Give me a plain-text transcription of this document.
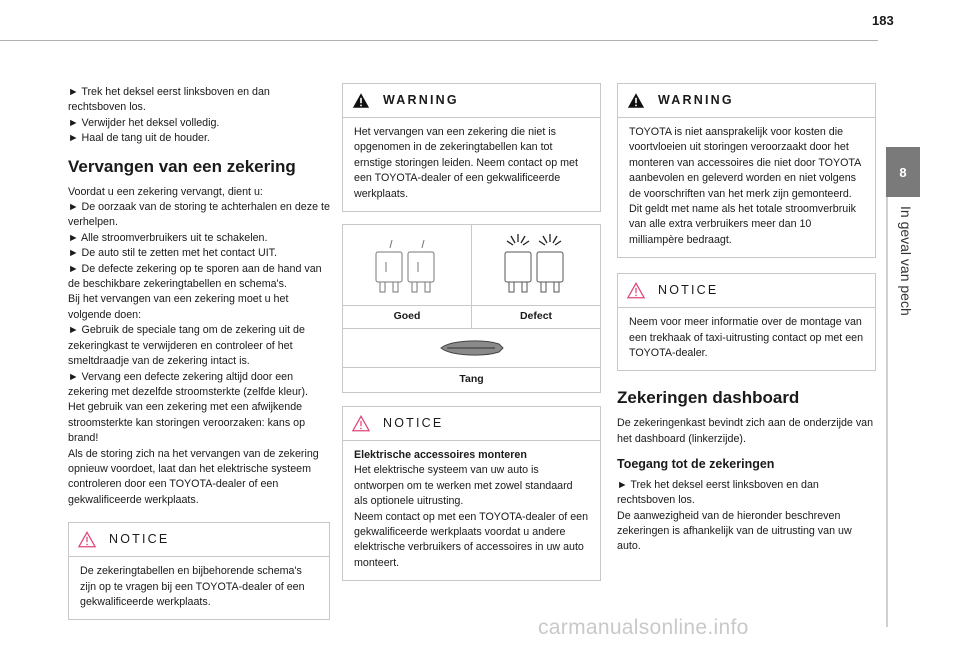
183
8
In geval van pech

► Trek het deksel eerst linksboven en dan rechtsboven los.

► Verwijder het deksel volledig.

► Haal de tang uit de houder.

Vervangen van een zekering

Voordat u een zekering vervangt, dient u:

► De oorzaak van de storing te achterhalen en deze te verhelpen.

► Alle stroomverbruikers uit te schakelen.

► De auto stil te zetten met het contact UIT.

► De defecte zekering op te sporen aan de hand van de beschikbare zekeringtabellen en schema's.

Bij het vervangen van een zekering moet u het volgende doen:

► Gebruik de speciale tang om de zekering uit de zekeringkast te verwijderen en controleer of het smeltdraadje van de zekering intact is.

► Vervang een defecte zekering altijd door een zekering met dezelfde stroomsterkte (zelfde kleur).

Het gebruik van een zekering met een afwijkende stroomsterkte kan storingen veroorzaken: kans op brand!

Als de storing zich na het vervangen van de zekering opnieuw voordoet, laat dan het elektrische systeem controleren door een TOYOTA-dealer of een gekwalificeerde werkplaats.

NOTICE

De zekeringtabellen en bijbehorende schema's zijn op te vragen bij een TOYOTA-dealer of een gekwalificeerde werkplaats.

WARNING

Het vervangen van een zekering die niet is opgenomen in de zekeringtabellen kan tot ernstige storingen leiden. Neem contact op met een TOYOTA-dealer of een gekwalificeerde werkplaats.

Goed	Defect
Tang
NOTICE

Elektrische accessoires monteren

Het elektrische systeem van uw auto is ontworpen om te werken met zowel standaard als optionele uitrusting.

Neem contact op met een TOYOTA-dealer of een gekwalificeerde werkplaats voordat u andere elektrische verbruikers of accessoires in uw auto monteert.

WARNING

TOYOTA is niet aansprakelijk voor kosten die voortvloeien uit storingen veroorzaakt door het monteren van accessoires die niet door TOYOTA aanbevolen en geleverd worden en niet volgens de voorschriften van het merk zijn gemonteerd. Dit geldt met name als het totale stroomverbruik van alle extra verbruikers meer dan 10 milliampère bedraagt.

NOTICE

Neem voor meer informatie over de montage van een trekhaak of taxi-uitrusting contact op met een TOYOTA-dealer.

Zekeringen dashboard

De zekeringenkast bevindt zich aan de onderzijde van het dashboard (linkerzijde).

Toegang tot de zekeringen

► Trek het deksel eerst linksboven en dan rechtsboven los.

De aanwezigheid van de hieronder beschreven zekeringen is afhankelijk van de uitrusting van uw auto.

carmanualsonline.info
